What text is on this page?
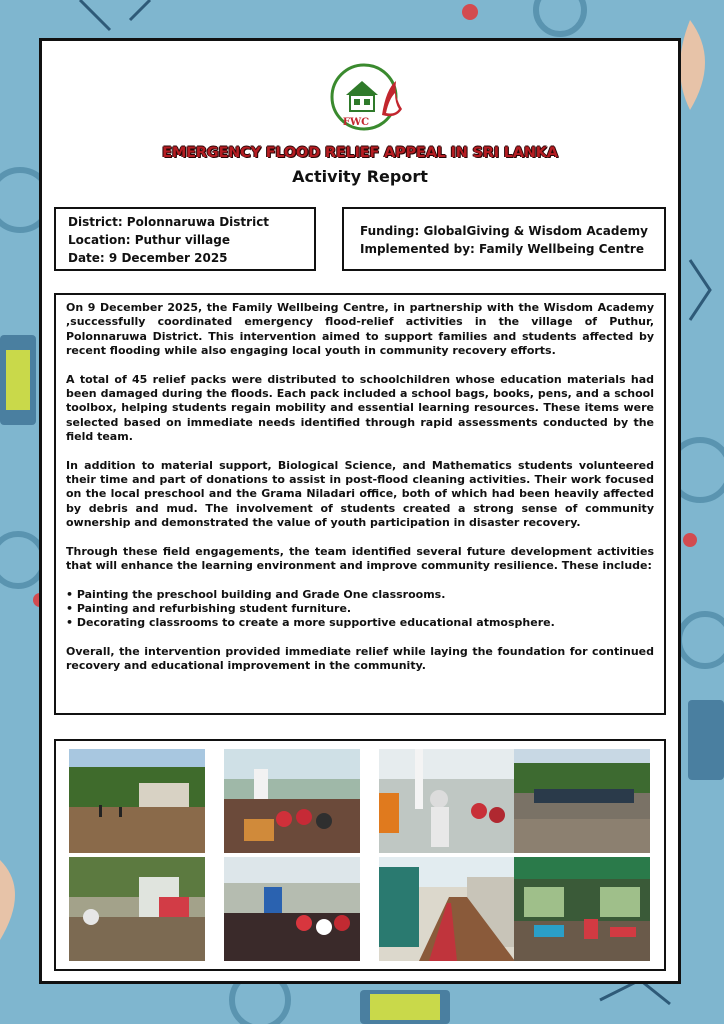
FWC
EMERGENCY FLOOD RELIEF APPEAL IN SRI LANKA
Activity Report
District: Polonnaruwa District
Location: Puthur village
Date: 9 December 2025
Funding: GlobalGiving & Wisdom Academy
Implemented by: Family Wellbeing Centre

On 9 December 2025, the Family Wellbeing Centre, in partnership with the Wisdom Academy ,successfully coordinated emergency flood-relief activities in the village of Puthur, Polonnaruwa District. This intervention aimed to support families and students affected by recent flooding while also engaging local youth in community recovery efforts.

A total of 45 relief packs were distributed to schoolchildren whose education materials had been damaged during the floods. Each pack included a school bags, books, pens, and a school toolbox, helping students regain mobility and essential learning resources. These items were selected based on immediate needs identified through rapid assessments conducted by the field team.

In addition to material support, Biological Science, and Mathematics students volunteered their time and part of donations to assist in post-flood cleaning activities. Their work focused on the local preschool and the Grama Niladari office, both of which had been heavily affected by debris and mud. The involvement of students created a strong sense of community ownership and demonstrated the value of youth participation in disaster recovery.

Through these field engagements, the team identified several future development activities that will enhance the learning environment and improve community resilience. These include:

• Painting the preschool building and Grade One classrooms.
• Painting and refurbishing student furniture.
• Decorating classrooms to create a more supportive educational atmosphere.

Overall, the intervention provided immediate relief while laying the foundation for continued recovery and educational improvement in the community.
